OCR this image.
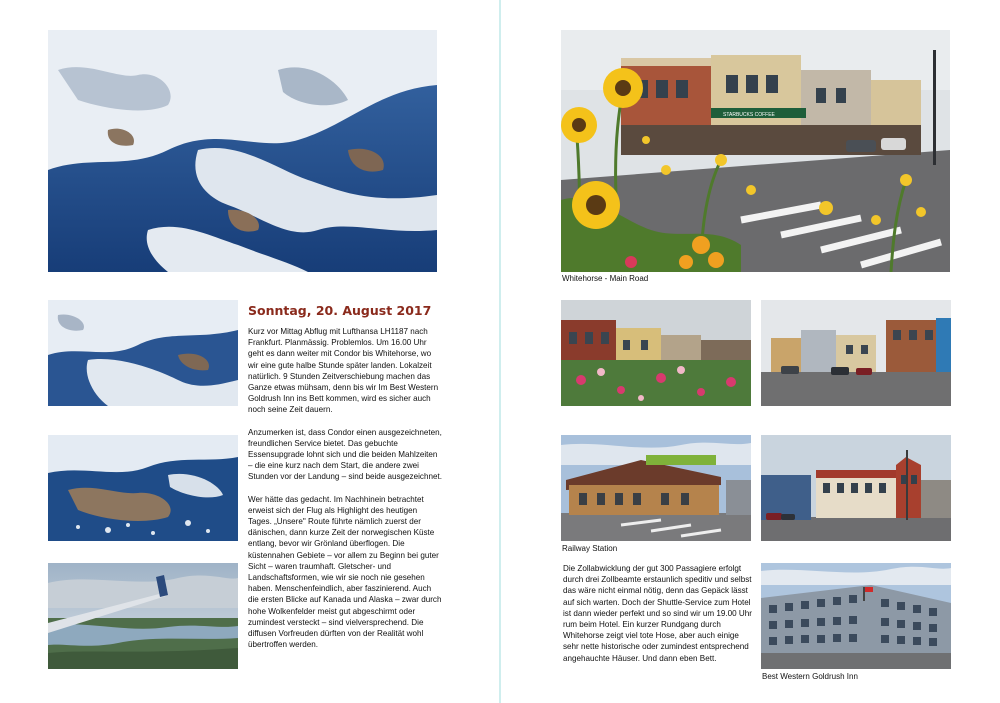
Sonntag, 20. August 2017

Kurz vor Mittag Abflug mit Lufthansa LH1187 nach Frankfurt. Planmässig. Problemlos. Um 16.00 Uhr geht es dann weiter mit Condor bis Whitehorse, wo wir eine gute halbe Stunde später landen. Lokalzeit natürlich. 9 Stunden Zeitverschiebung machen das Ganze etwas mühsam, denn bis wir Im Best Western Goldrush Inn ins Bett kommen, wird es sicher auch noch seine Zeit dauern.

Anzumerken ist, dass Condor einen ausgezeichneten, freundlichen Service bietet. Das gebuchte Essensupgrade lohnt sich und die beiden Mahlzeiten – die eine kurz nach dem Start, die andere zwei Stunden vor der Landung – sind beide ausgezeichnet.

Wer hätte das gedacht. Im Nachhinein betrachtet erweist sich der Flug als Highlight des heutigen Tages. „Unsere" Route führte nämlich zuerst der dänischen, dann kurze Zeit der norwegischen Küste entlang, bevor wir Grönland überflogen. Die küstennahen Gebiete – vor allem zu Beginn bei guter Sicht – waren traumhaft. Gletscher- und Landschaftsformen, wie wir sie noch nie gesehen haben. Menschenfeindlich, aber faszinierend. Auch die ersten Blicke auf Kanada und Alaska – zwar durch hohe Wolkenfelder meist gut abgeschirmt oder zumindest versteckt – sind vielversprechend. Die diffusen Vorfreuden dürften von der Realität wohl übertroffen werden.

STARBUCKS COFFEE
Whitehorse - Main Road
Railway Station

Die Zollabwicklung der gut 300 Passagiere erfolgt durch drei Zollbeamte erstaunlich speditiv und selbst das wäre nicht einmal nötig, denn das Gepäck lässt auf sich warten. Doch der Shuttle-Service zum Hotel ist dann wieder perfekt und so sind wir um 19.00 Uhr rum beim Hotel. Ein kurzer Rundgang durch Whitehorse zeigt viel tote Hose, aber auch einige sehr nette historische oder zumindest entsprechend angehauchte Häuser. Und dann eben Bett.

Best Western Goldrush Inn
